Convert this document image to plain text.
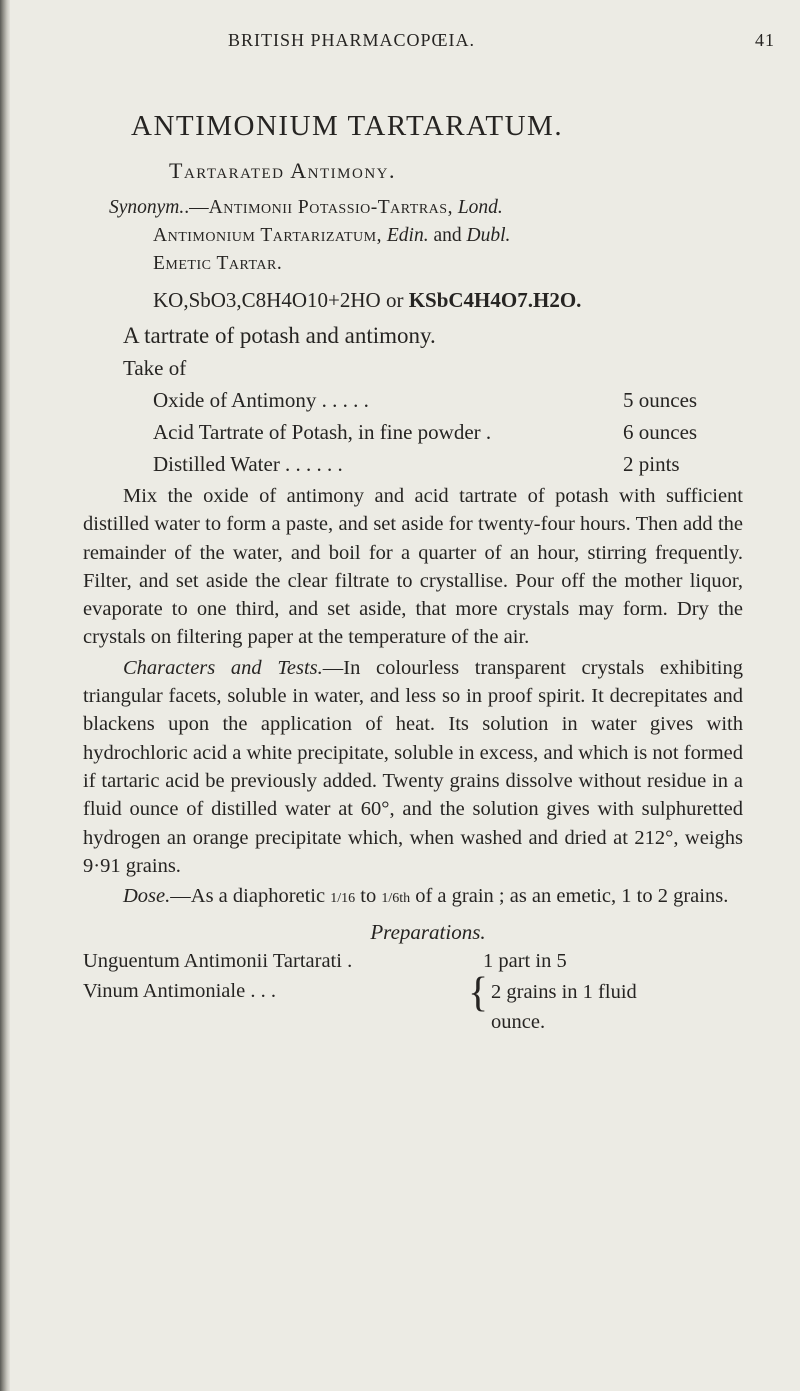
BRITISH PHARMACOPŒIA.	41
ANTIMONIUM TARTARATUM.
Tartarated Antimony.
Synonym..—Antimonii Potassio-Tartras, Lond.
Antimonium Tartarizatum, Edin. and Dubl.
Emetic Tartar.
KO,SbO3,C8H4O10+2HO or KSbC4H4O7.H2O.
A tartrate of potash and antimony.
Take of
Oxide of Antimony . . . . .	5 ounces
Acid Tartrate of Potash, in fine powder .	6 ounces
Distilled Water . . . . . .	2 pints
Mix the oxide of antimony and acid tartrate of potash with sufficient distilled water to form a paste, and set aside for twenty-four hours. Then add the remainder of the water, and boil for a quarter of an hour, stirring frequently. Filter, and set aside the clear filtrate to crystallise. Pour off the mother liquor, evaporate to one third, and set aside, that more crystals may form. Dry the crystals on filtering paper at the temperature of the air.
Characters and Tests.—In colourless transparent crystals exhibiting triangular facets, soluble in water, and less so in proof spirit. It decrepitates and blackens upon the application of heat. Its solution in water gives with hydrochloric acid a white precipitate, soluble in excess, and which is not formed if tartaric acid be previously added. Twenty grains dissolve without residue in a fluid ounce of distilled water at 60°, and the solution gives with sulphuretted hydrogen an orange precipitate which, when washed and dried at 212°, weighs 9·91 grains.
Dose.—As a diaphoretic 1/16 to 1/6th of a grain ; as an emetic, 1 to 2 grains.
Preparations.
Unguentum Antimonii Tartarati .	1 part in 5
Vinum Antimoniale . . .	{ 2 grains in 1 fluid
ounce.
